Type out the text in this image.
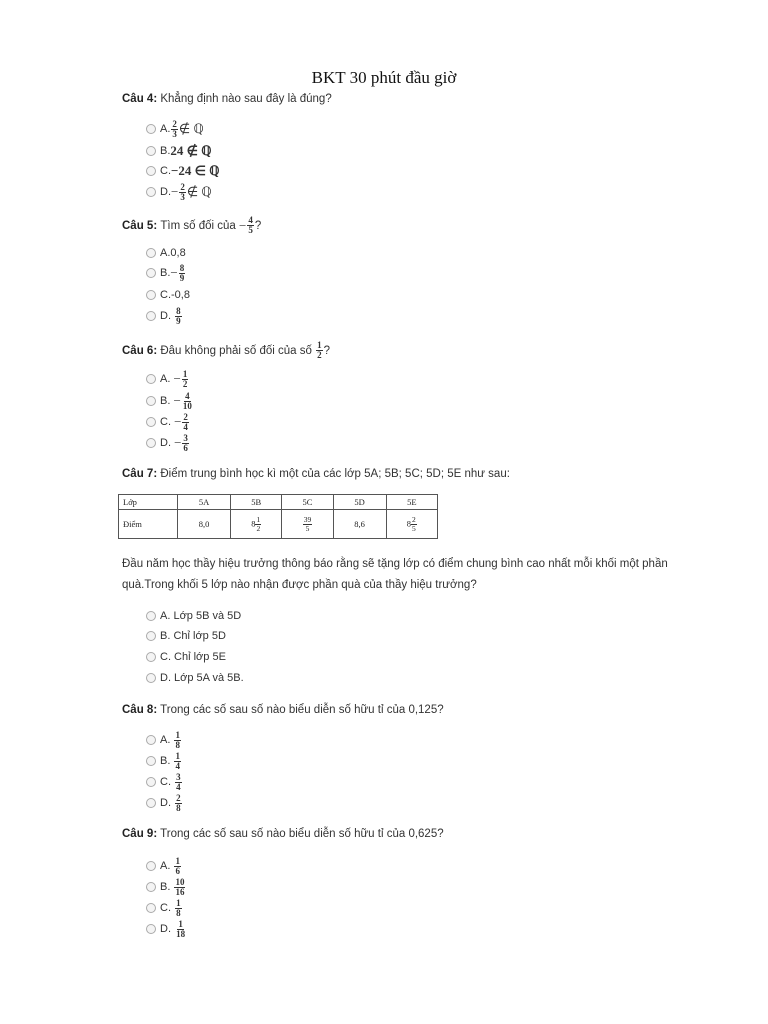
BKT 30 phút đầu giờ
Câu 4: Khẳng định nào sau đây là đúng?
A. $\frac{2}{3}$ ∉ ℚ
B. 24 ∉ ℚ
C. −24 ∈ ℚ
D. − $\frac{2}{3}$ ∉ ℚ
Câu 5:
Tìm số đối của
− $\frac{4}{5}$ ?
A. 0,8
B. − $\frac{8}{9}$
C. -0,8
D.
$\frac{8}{9}$
Câu 6:
Đâu không phải số đối của số
$\frac{1}{2}$ ?
A.
− $\frac{1}{2}$
B.
− $\frac{4}{10}$
C.
− $\frac{2}{4}$
D.
− $\frac{3}{6}$
Câu 7: Điểm trung bình học kì một của các lớp 5A; 5B; 5C; 5D; 5E như sau:
Lớp	5A	5B	5C	5D	5E
Điểm	8,0	$8 \frac{1}{2}$	$\frac{39}{5}$	8,6	$8 \frac{2}{5}$
Đầu năm học thầy hiệu trưởng thông báo rằng sẽ tặng lớp có điểm chung bình cao nhất mỗi khối một phần
quà.Trong khối 5 lớp nào nhận được phần quà của thầy hiệu trưởng?
A. Lớp 5B và 5D
B. Chỉ lớp 5D
C. Chỉ lớp 5E
D. Lớp 5A và 5B.
Câu 8: Trong các số sau số nào biểu diễn số hữu tỉ của 0,125?
A.
$\frac{1}{8}$
B.
$\frac{1}{4}$
C.
$\frac{3}{4}$
D.
$\frac{2}{8}$
Câu 9: Trong các số sau số nào biểu diễn số hữu tỉ của 0,625?
A.
$\frac{1}{6}$
B.
$\frac{10}{16}$
C.
$\frac{1}{8}$
D.
$\frac{1}{18}$
